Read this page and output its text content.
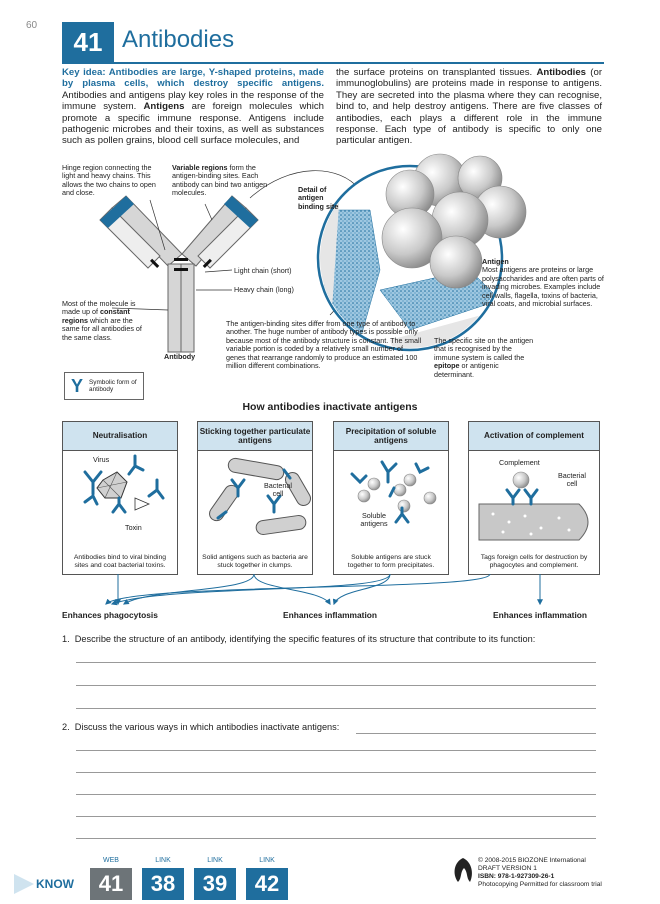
60
41 Antibodies
Key idea: Antibodies are large, Y-shaped proteins, made by plasma cells, which destroy specific antigens. Antibodies and antigens play key roles in the response of the immune system. Antigens are foreign molecules which promote a specific immune response. Antigens include pathogenic microbes and their toxins, as well as substances such as pollen grains, blood cell surface molecules, and
the surface proteins on transplanted tissues. Antibodies (or immunoglobulins) are proteins made in response to antigens. They are secreted into the plasma where they can recognise, bind to, and help destroy antigens. There are five classes of antibodies, each plays a different role in the immune response. Each type of antibody is specific to only one particular antigen.
Hinge region connecting the light and heavy chains. This allows the two chains to open and close.
Variable regions form the antigen-binding sites. Each antibody can bind two antigen molecules.	Detail of antigen binding site
Light chain (short)
Heavy chain (long)
Most of the molecule is made up of constant regions which are the same for all antibodies of the same class.
Antibody
The antigen-binding sites differ from one type of antibody to another. The huge number of antibody types is possible only because most of the antibody structure is constant. The small variable portion is coded by a relatively small number of genes that rearrange randomly to produce an estimated 100 million different combinations.
Antigen
Most antigens are proteins or large polysaccharides and are often parts of invading microbes. Examples include cell walls, flagella, toxins of bacteria, viral coats, and microbial surfaces.
The specific site on the antigen that is recognised by the immune system is called the epitope or antigenic determinant.
Y Symbolic form of antibody
How antibodies inactivate antigens
Neutralisation
Virus
Toxin
Antibodies bind to viral binding sites and coat bacterial toxins.
Sticking together particulate antigens
Bacterial cell
Solid antigens such as bacteria are stuck together in clumps.
Precipitation of soluble antigens
Soluble antigens
Soluble antigens are stuck together to form precipitates.
Activation of complement
Complement
Bacterial cell
Tags foreign cells for destruction by phagocytes and complement.
Enhances phagocytosis	Enhances inflammation	Enhances inflammation
1. Describe the structure of an antibody, identifying the specific features of its structure that contribute to its function:
2. Discuss the various ways in which antibodies inactivate antigens:
KNOW
WEB	LINK	LINK	LINK
41	38	39	42
© 2008-2015 BIOZONE International
DRAFT VERSION 1
ISBN: 978-1-927309-26-1
Photocopying Permitted for classroom trial
